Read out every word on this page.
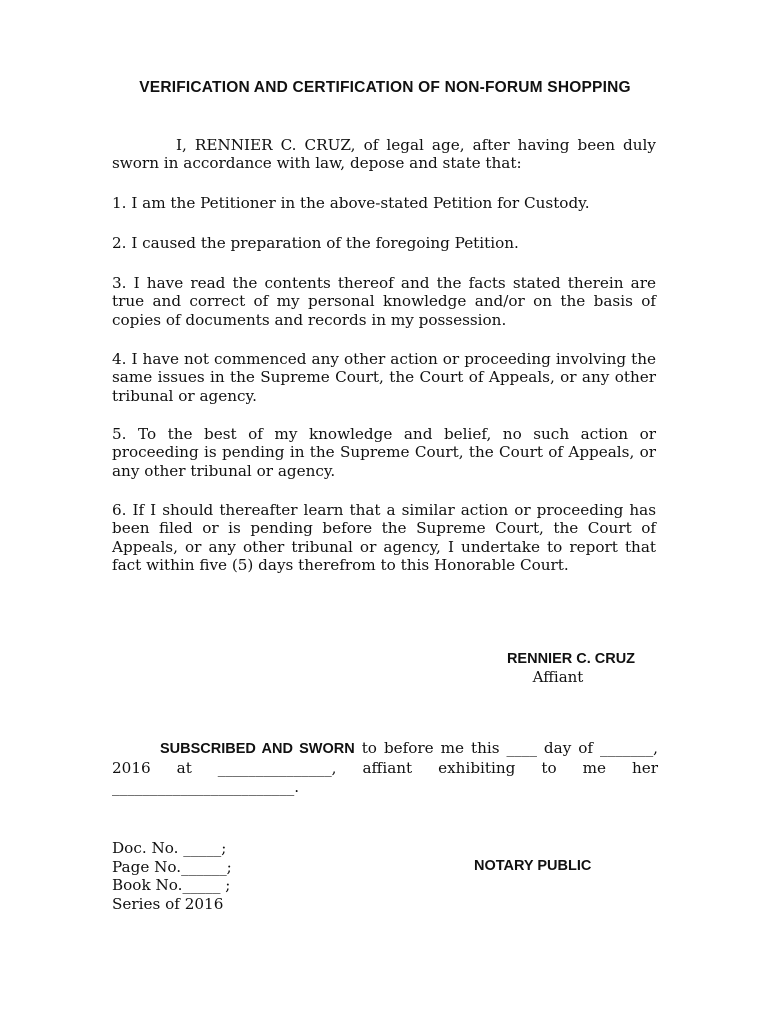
VERIFICATION AND CERTIFICATION OF NON-FORUM SHOPPING

I, RENNIER C. CRUZ, of legal age, after having been duly sworn in accordance with law, depose and state that:

1. I am the Petitioner in the above-stated Petition for Custody.

2. I caused the preparation of the foregoing Petition.

3. I have read the contents thereof and the facts stated therein are true and correct of my personal knowledge and/or on the basis of copies of documents and records in my possession.

4. I have not commenced any other action or proceeding involving the same issues in the Supreme Court, the Court of Appeals, or any other tribunal or agency.

5. To the best of my knowledge and belief, no such action or proceeding is pending in the Supreme Court, the Court of Appeals, or any other tribunal or agency.

6. If I should thereafter learn that a similar action or proceeding has been filed or is pending before the Supreme Court, the Court of Appeals, or any other tribunal or agency, I undertake to report that fact within five (5) days therefrom to this Honorable Court.

RENNIER C. CRUZ
Affiant

SUBSCRIBED AND SWORN to before me this ____ day of _______, 2016 at _______________, affiant exhibiting to me her ________________________.

Doc. No. _____;
Page No.______;
Book No._____ ;
Series of 2016
NOTARY PUBLIC
